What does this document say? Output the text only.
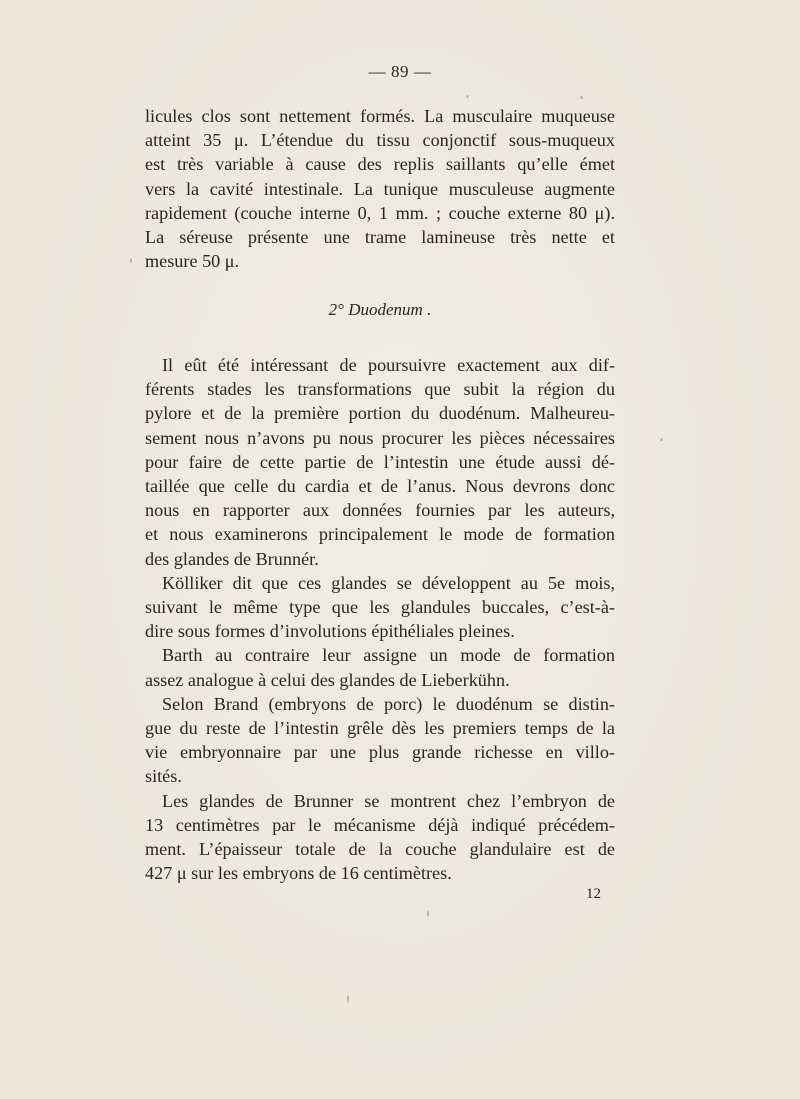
— 89 —
licules clos sont nettement formés. La musculaire muqueuse
atteint 35 μ. L’étendue du tissu conjonctif sous-muqueux
est très variable à cause des replis saillants qu’elle émet
vers la cavité intestinale. La tunique musculeuse augmente
rapidement (couche interne 0, 1 mm. ; couche externe 80 μ).
La séreuse présente une trame lamineuse très nette et
mesure 50 μ.
2° Duodenum .
Il eût été intéressant de poursuivre exactement aux dif-
férents stades les transformations que subit la région du
pylore et de la première portion du duodénum. Malheureu-
sement nous n’avons pu nous procurer les pièces nécessaires
pour faire de cette partie de l’intestin une étude aussi dé-
taillée que celle du cardia et de l’anus. Nous devrons donc
nous en rapporter aux données fournies par les auteurs,
et nous examinerons principalement le mode de formation
des glandes de Brunnér.
Kölliker dit que ces glandes se développent au 5e mois,
suivant le même type que les glandules buccales, c’est-à-
dire sous formes d’involutions épithéliales pleines.
Barth au contraire leur assigne un mode de formation
assez analogue à celui des glandes de Lieberkühn.
Selon Brand (embryons de porc) le duodénum se distin-
gue du reste de l’intestin grêle dès les premiers temps de la
vie embryonnaire par une plus grande richesse en villo-
sités.
Les glandes de Brunner se montrent chez l’embryon de
13 centimètres par le mécanisme déjà indiqué précédem-
ment. L’épaisseur totale de la couche glandulaire est de
427 μ sur les embryons de 16 centimètres.
12
